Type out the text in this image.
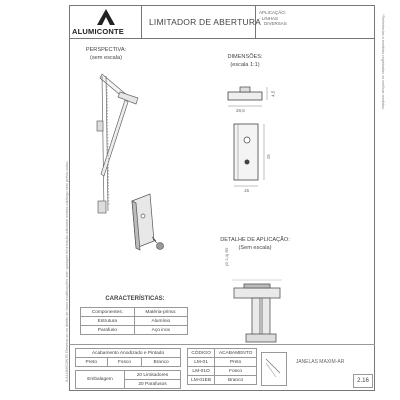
ALUMICONTE
LIMITADOR DE ABERTURA
APLICAÇÃO:
- LINHAS
DIVERSAS
PERSPECTIVA:
(sem escala)	DIMENSÕES:
(escala 1:1)
28,6
4,5
15
15
DETALHE DE APLICAÇÃO:
(Sem escala)
(D 2,4) R5
CARACTERÍSTICAS:
Componentes:	Matéria-prima:
Estrutura	Alumínio
Parafuso	Aço inox
Acabamento Anodizado e Pintado
Preto	Fosco	Branco
Embalagem	20 Limitadores
20 Parafusos
CÓDIGO	ACABAMENTO
LM-01	Preto
LM-01O	Fosco
LM-01EB	Branco
JANELAS MAXIM-AR
2.16
*Referências e medidas registradas se verificar medidas.
A ALUMICONTE Reserva-se no direito de fazer modificações sem qualquer informação adicional nestas catálogo sem prévio aviso.
